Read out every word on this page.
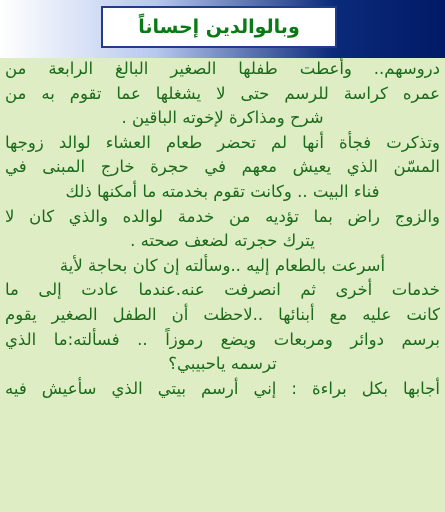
وبالوالدين إحساناً
دروسهم.. وأعطت طفلها الصغير البالغ الرابعة من
عمره كراسة للرسم حتى لا يشغلها عما تقوم به من
شرح ومذاكرة لإخوته الباقين .
وتذكرت فجأة أنها لم تحضر طعام العشاء لوالد زوجها
المسّن الذي يعيش معهم في حجرة خارج المبنى في
فناء البيت .. وكانت تقوم بخدمته ما أمكنها ذلك
والزوج راض بما تؤديه من خدمة لوالده والذي كان لا
يترك حجرته لضعف صحته .
أسرعت بالطعام إليه ..وسألته إن كان بحاجة لأية
خدمات أخرى ثم انصرفت عنه.عندما عادت إلى ما
كانت عليه مع أبنائها ..لاحظت أن الطفل الصغير يقوم
برسم دوائر ومربعات ويضع رموزاً .. فسألته:ما الذي
ترسمه ياحبيبي؟
أجابها بكل براءة : إني أرسم بيتي الذي سأعيش فيه
